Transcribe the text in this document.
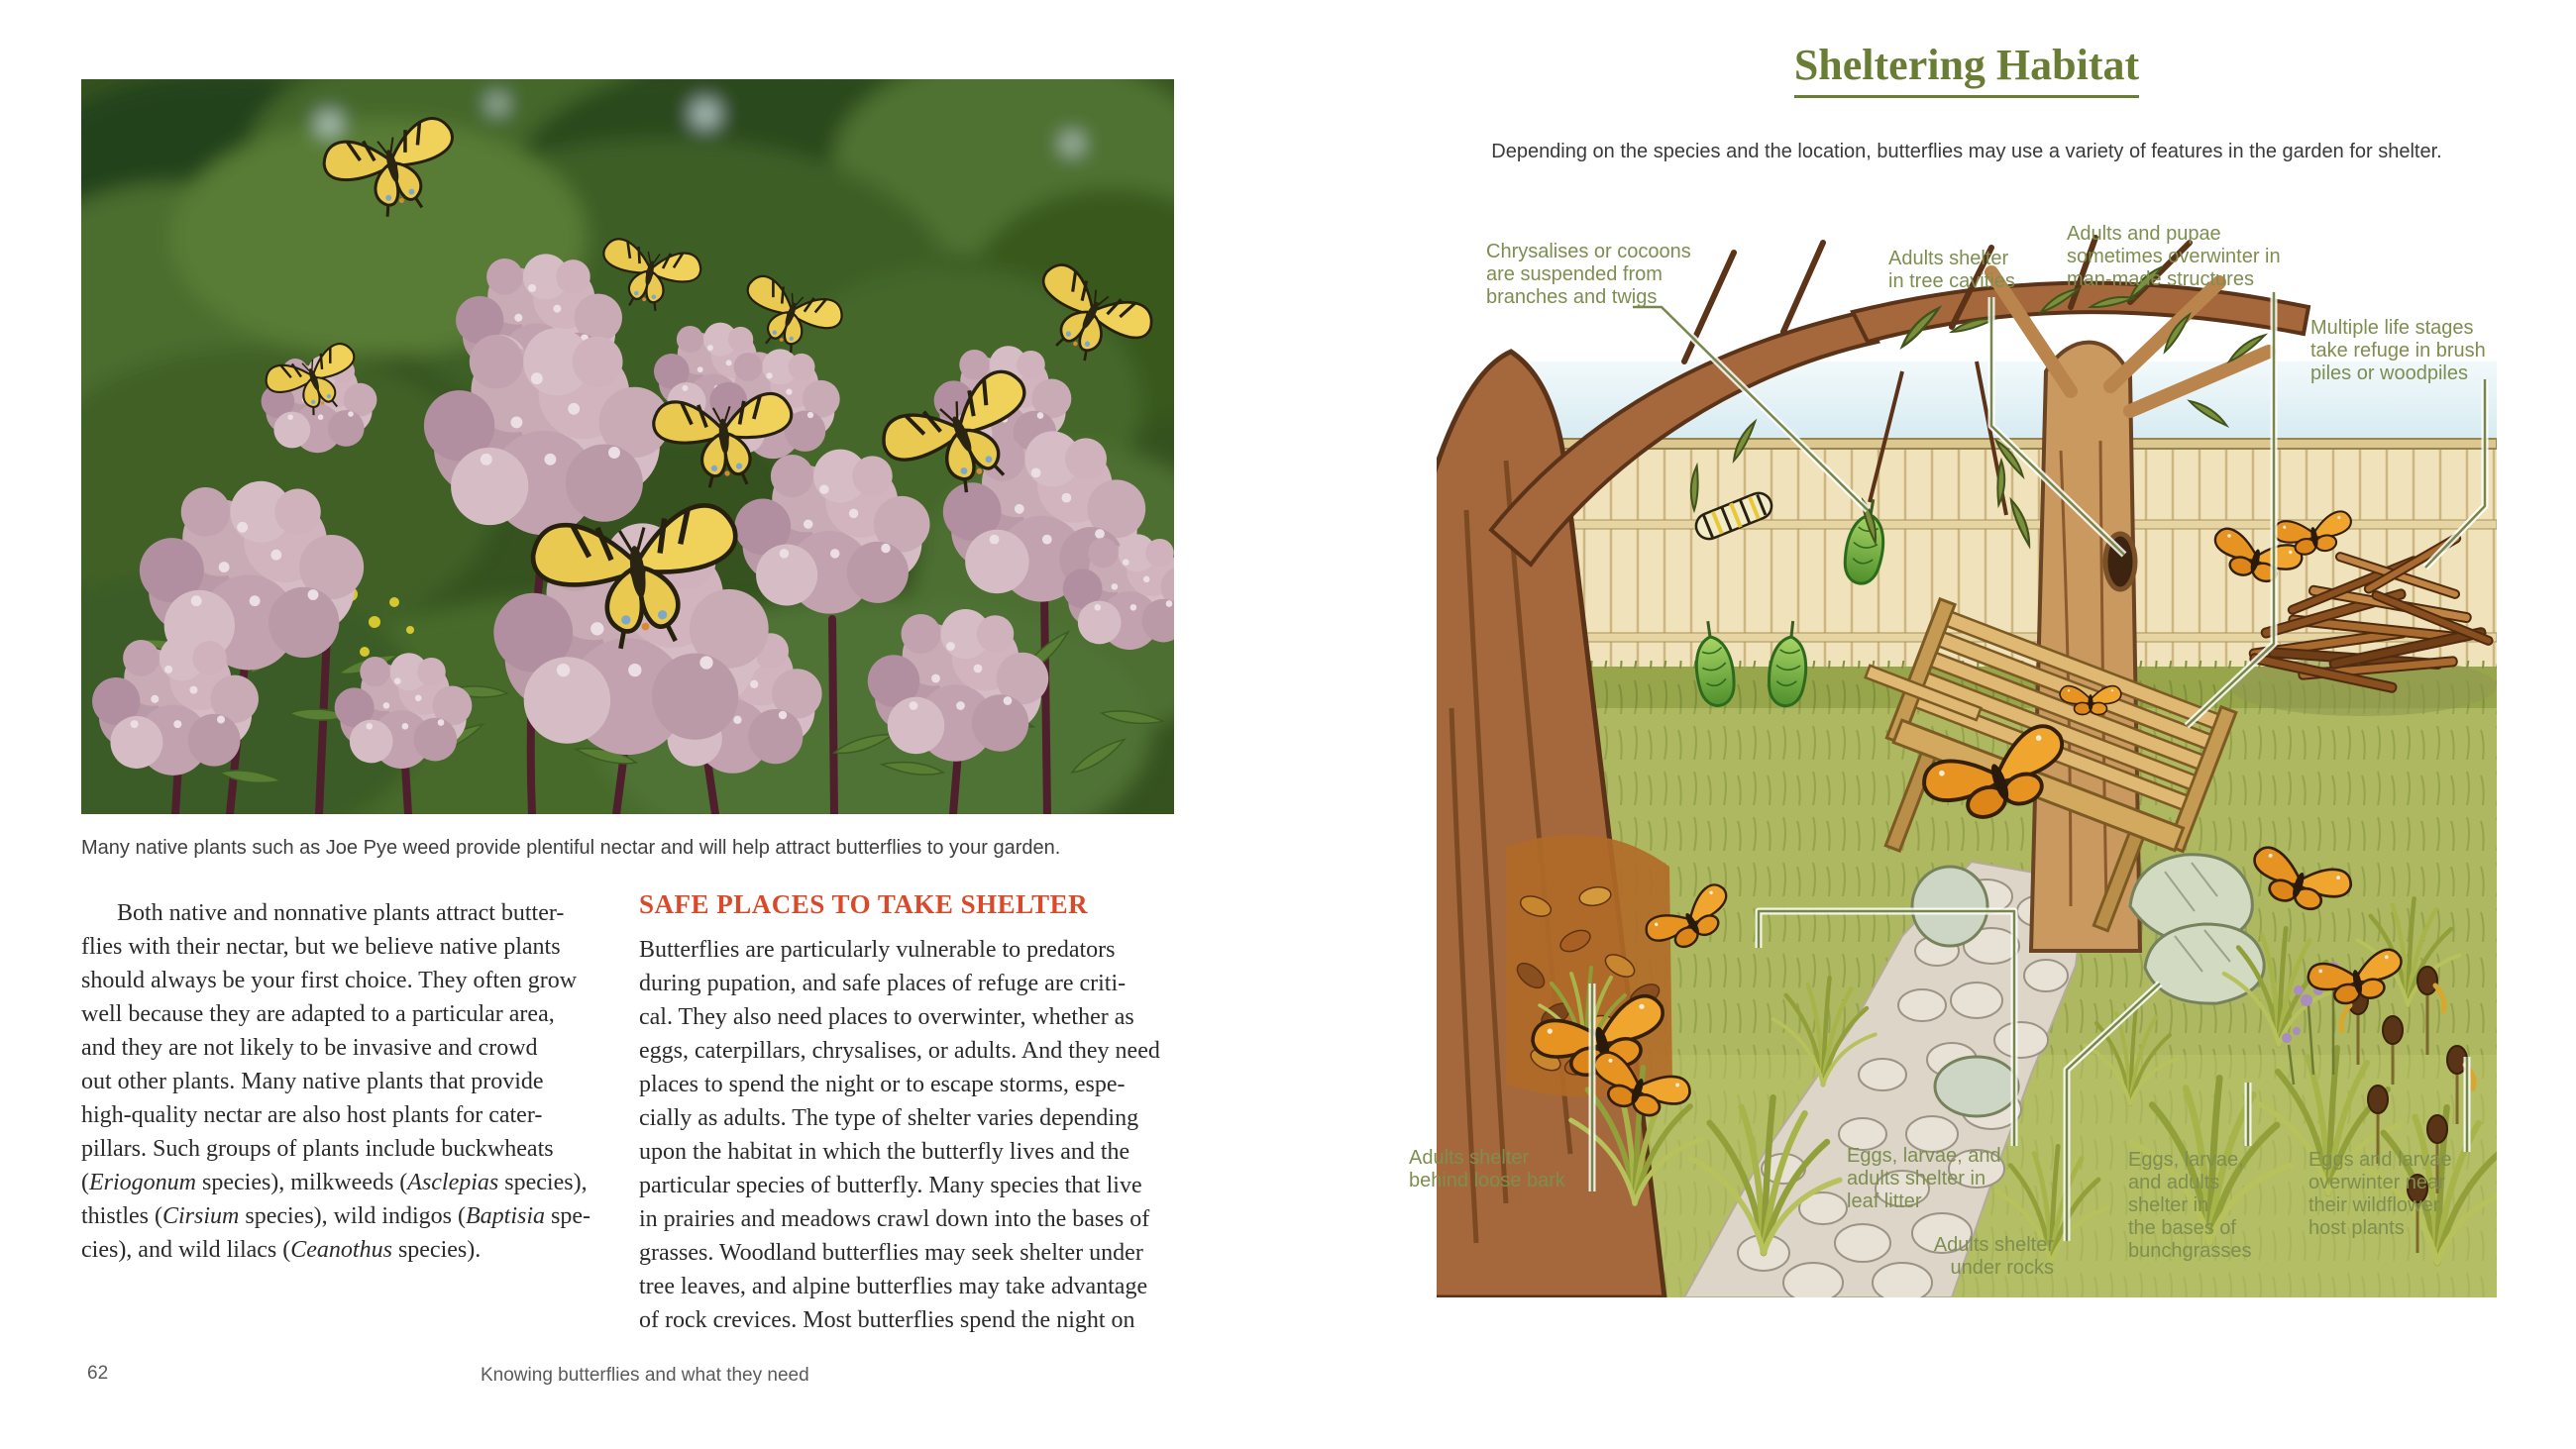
Many native plants such as Joe Pye weed provide plentiful nectar and will help attract butterflies to your garden.
Both native and nonnative plants attract butter-
flies with their nectar, but we believe native plants
should always be your first choice. They often grow
well because they are adapted to a particular area,
and they are not likely to be invasive and crowd
out other plants. Many native plants that provide
high-quality nectar are also host plants for cater-
pillars. Such groups of plants include buckwheats
(Eriogonum species), milkweeds (Asclepias species),
thistles (Cirsium species), wild indigos (Baptisia spe-
cies), and wild lilacs (Ceanothus species).
SAFE PLACES TO TAKE SHELTER
Butterflies are particularly vulnerable to predators
during pupation, and safe places of refuge are criti-
cal. They also need places to overwinter, whether as
eggs, caterpillars, chrysalises, or adults. And they need
places to spend the night or to escape storms, espe-
cially as adults. The type of shelter varies depending
upon the habitat in which the butterfly lives and the
particular species of butterfly. Many species that live
in prairies and meadows crawl down into the bases of
grasses. Woodland butterflies may seek shelter under
tree leaves, and alpine butterflies may take advantage
of rock crevices. Most butterflies spend the night on
62	Knowing butterflies and what they need
Sheltering Habitat
Depending on the species and the location, butterflies may use a variety of features in the garden for shelter.
Chrysalises or cocoons
are suspended from
branches and twigs
Adults shelter
in tree cavities
Adults and pupae
sometimes overwinter in
man-made structures
Multiple life stages
take refuge in brush
piles or woodpiles
Adults shelter
behind loose bark
Eggs, larvae, and
adults shelter in
leaf litter
Adults shelter
under rocks
Eggs, larvae,
and adults
shelter in
the bases of
bunchgrasses
Eggs and larvae
overwinter near
their wildflower
host plants
